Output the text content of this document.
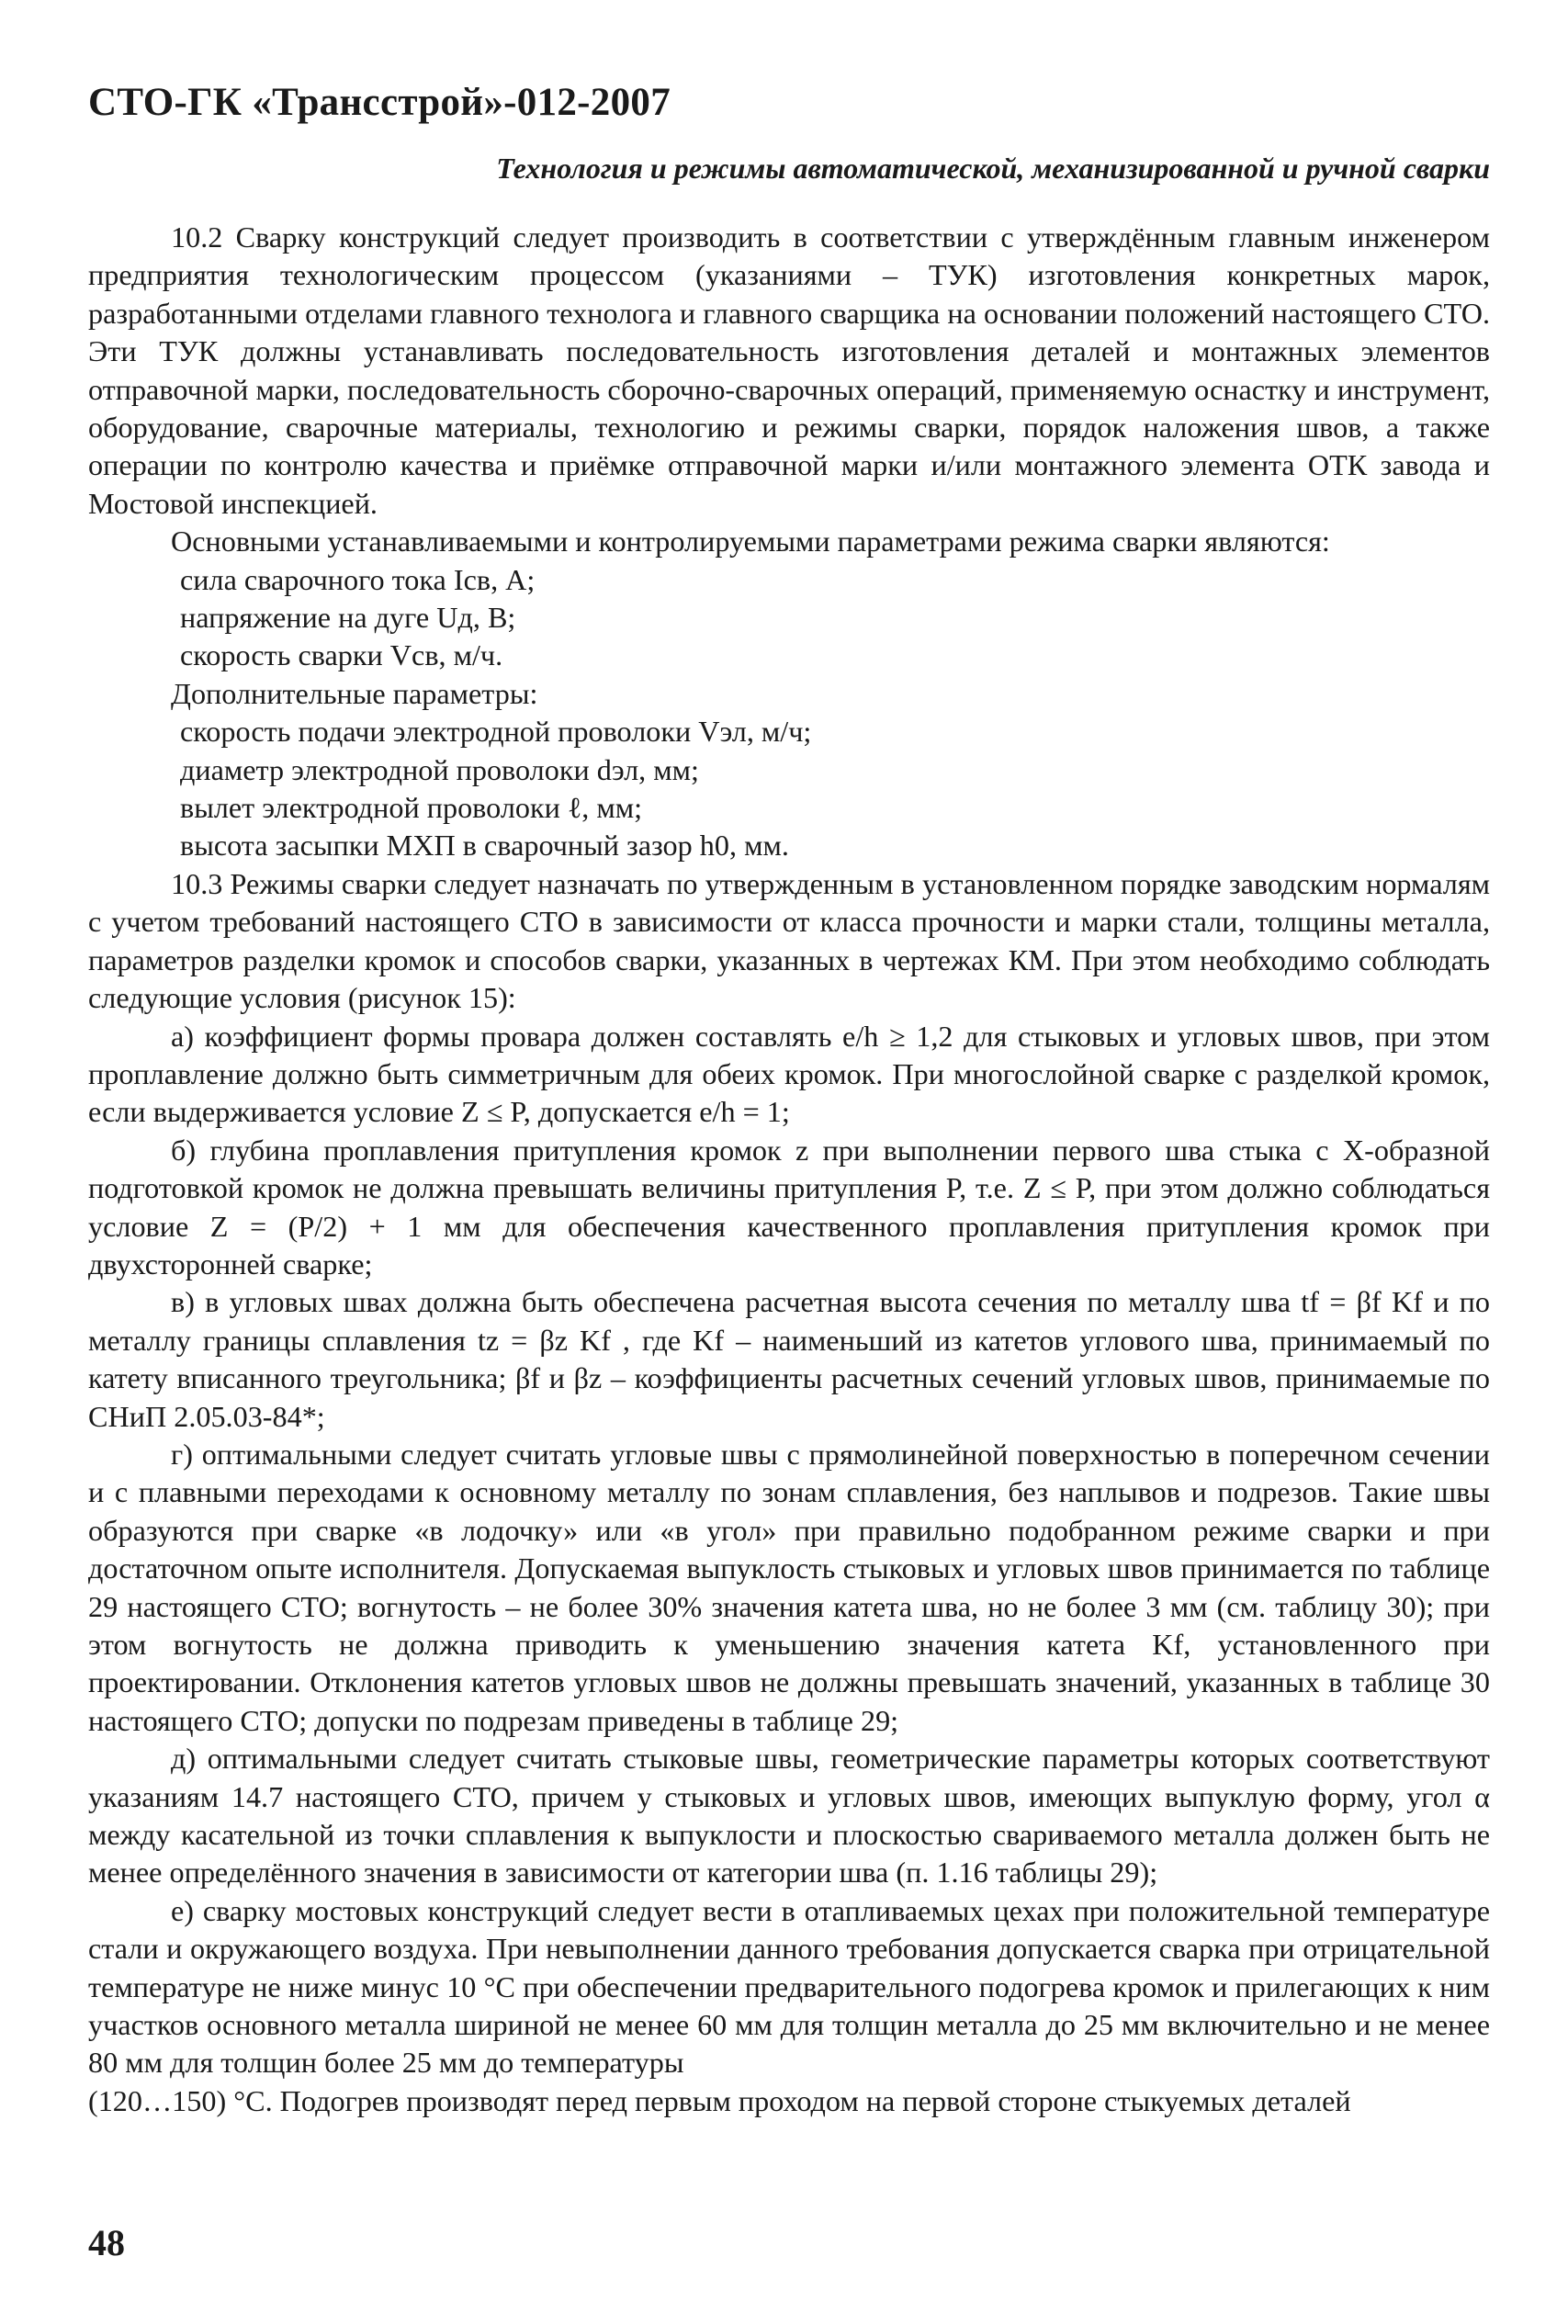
СТО-ГК «Трансстрой»-012-2007
Технология и режимы автоматической, механизированной и ручной сварки

10.2 Сварку конструкций следует производить в соответствии с утверждённым главным инженером предприятия технологическим процессом (указаниями – ТУК) изготовления конкретных марок, разработанными отделами главного технолога и главного сварщика на основании положений настоящего СТО. Эти ТУК должны устанавливать последовательность изготовления деталей и монтажных элементов отправочной марки, последовательность сборочно-сварочных операций, применяемую оснастку и инструмент, оборудование, сварочные материалы, технологию и режимы сварки, порядок наложения швов, а также операции по контролю качества и приёмке отправочной марки и/или монтажного элемента ОТК завода и Мостовой инспекцией.

Основными устанавливаемыми и контролируемыми параметрами режима сварки являются:

сила сварочного тока Iсв, А;

напряжение на дуге Uд, В;

скорость сварки Vсв, м/ч.

Дополнительные параметры:

скорость подачи электродной проволоки Vэл, м/ч;

диаметр электродной проволоки dэл, мм;

вылет электродной проволоки ℓ, мм;

высота засыпки МХП в сварочный зазор h0, мм.

10.3 Режимы сварки следует назначать по утвержденным в установленном порядке заводским нормалям с учетом требований настоящего СТО в зависимости от класса прочности и марки стали, толщины металла, параметров разделки кромок и способов сварки, указанных в чертежах КМ. При этом необходимо соблюдать следующие условия (рисунок 15):

а) коэффициент формы провара должен составлять e/h ≥ 1,2 для стыковых и угловых швов, при этом проплавление должно быть симметричным для обеих кромок. При многослойной сварке с разделкой кромок, если выдерживается условие Z ≤ P, допускается e/h = 1;

б) глубина проплавления притупления кромок z при выполнении первого шва стыка с X-образной подготовкой кромок не должна превышать величины притупления P, т.е. Z ≤ P, при этом должно соблюдаться условие Z = (P/2) + 1 мм для обеспечения качественного проплавления притупления кромок при двухсторонней сварке;

в) в угловых швах должна быть обеспечена расчетная высота сечения по металлу шва tf = βf Kf и по металлу границы сплавления tz = βz Kf , где Kf – наименьший из катетов углового шва, принимаемый по катету вписанного треугольника; βf и βz – коэффициенты расчетных сечений угловых швов, принимаемые по СНиП 2.05.03-84*;

г) оптимальными следует считать угловые швы с прямолинейной поверхностью в поперечном сечении и с плавными переходами к основному металлу по зонам сплавления, без наплывов и подрезов. Такие швы образуются при сварке «в лодочку» или «в угол» при правильно подобранном режиме сварки и при достаточном опыте исполнителя. Допускаемая выпуклость стыковых и угловых швов принимается по таблице 29 настоящего СТО; вогнутость – не более 30% значения катета шва, но не более 3 мм (см. таблицу 30); при этом вогнутость не должна приводить к уменьшению значения катета Kf, установленного при проектировании. Отклонения катетов угловых швов не должны превышать значений, указанных в таблице 30 настоящего СТО; допуски по подрезам приведены в таблице 29;

д) оптимальными следует считать стыковые швы, геометрические параметры которых соответствуют указаниям 14.7 настоящего СТО, причем у стыковых и угловых швов, имеющих выпуклую форму, угол α между касательной из точки сплавления к выпуклости и плоскостью свариваемого металла должен быть не менее определённого значения в зависимости от категории шва (п. 1.16 таблицы 29);

е) сварку мостовых конструкций следует вести в отапливаемых цехах при положительной температуре стали и окружающего воздуха. При невыполнении данного требования допускается сварка при отрицательной температуре не ниже минус 10 °С при обеспечении предварительного подогрева кромок и прилегающих к ним участков основного металла шириной не менее 60 мм для толщин металла до 25 мм включительно и не менее 80 мм для толщин более 25 мм до температуры

(120…150) °С. Подогрев производят перед первым проходом на первой стороне стыкуемых деталей

48
